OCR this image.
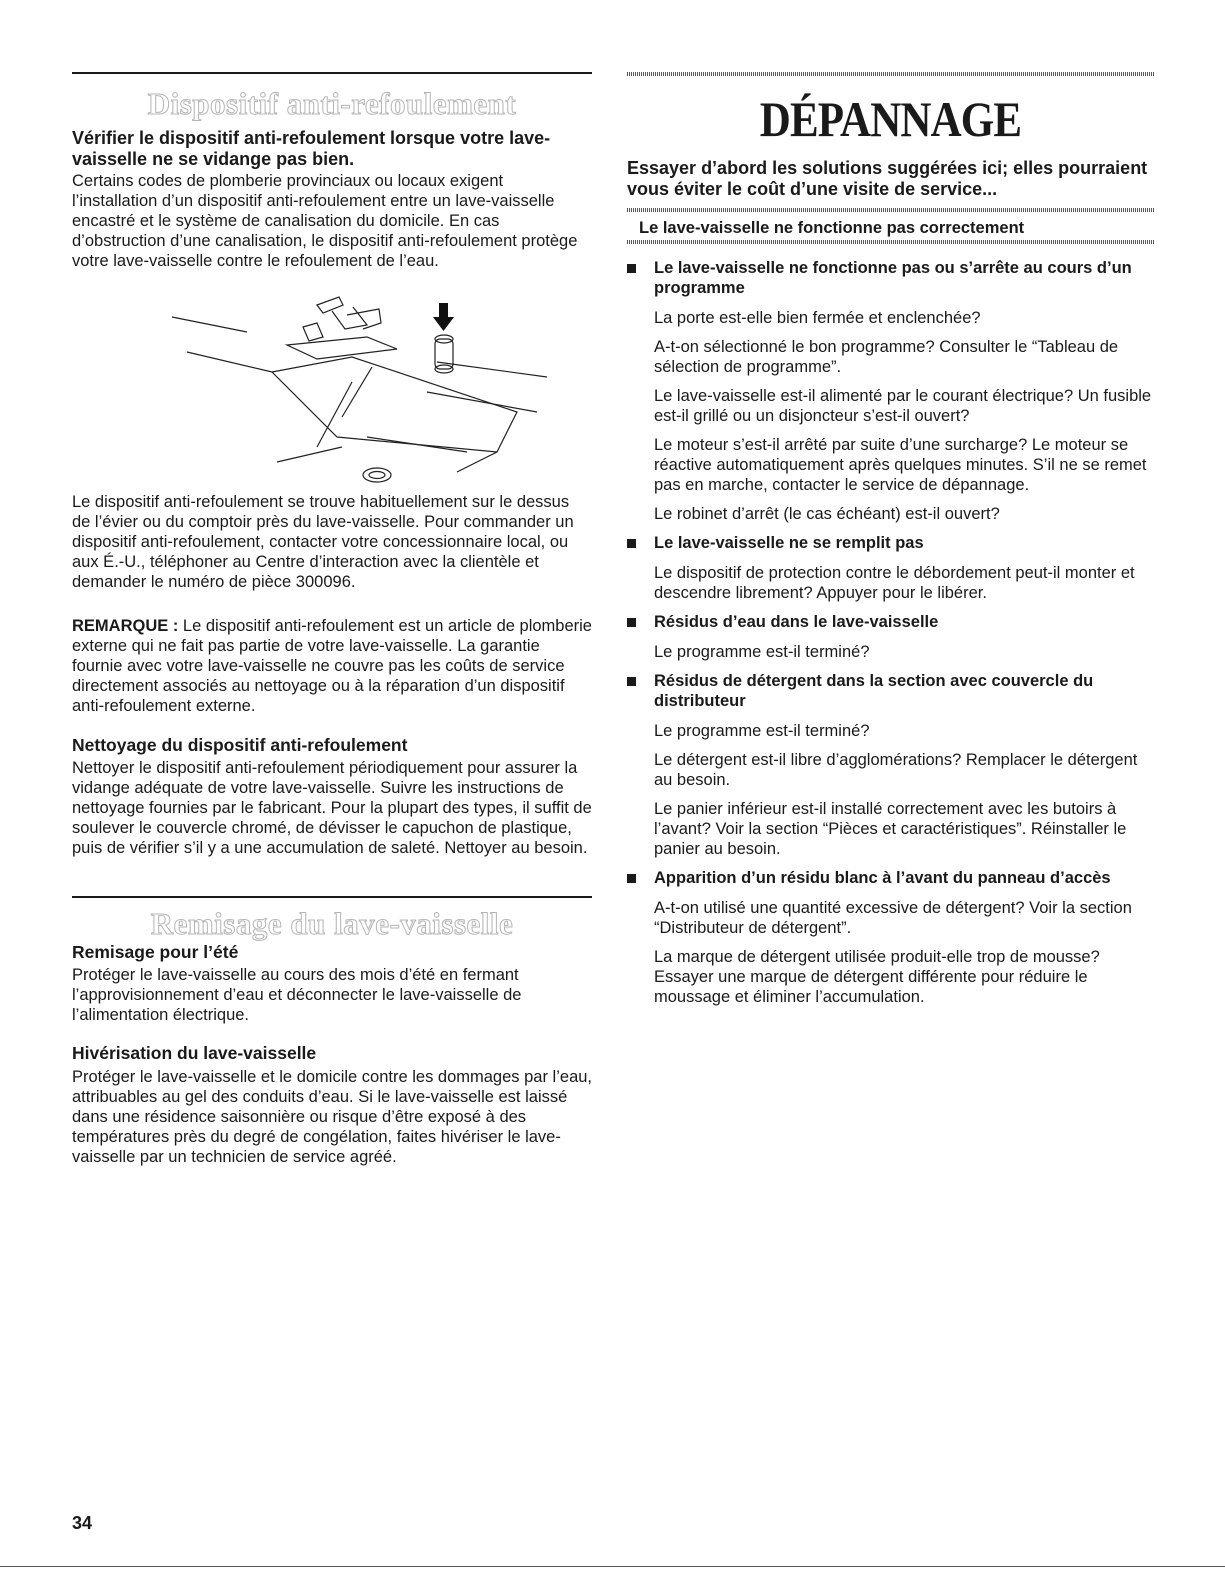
Dispositif anti-refoulement

Vérifier le dispositif anti-refoulement lorsque votre lave-

vaisselle ne se vidange pas bien.

Certains codes de plomberie provinciaux ou locaux exigent l’installation d’un dispositif anti-refoulement entre un lave-vaisselle encastré et le système de canalisation du domicile. En cas d’obstruction d’une canalisation, le dispositif anti-refoulement protège votre lave-vaisselle contre le refoulement de l’eau.

Le dispositif anti-refoulement se trouve habituellement sur le dessus de l’évier ou du comptoir près du lave-vaisselle. Pour commander un dispositif anti-refoulement, contacter votre concessionnaire local, ou aux É.-U., téléphoner au Centre d’interaction avec la clientèle et demander le numéro de pièce 300096.

REMARQUE : Le dispositif anti-refoulement est un article de plomberie externe qui ne fait pas partie de votre lave-vaisselle. La garantie fournie avec votre lave-vaisselle ne couvre pas les coûts de service directement associés au nettoyage ou à la réparation d’un dispositif anti-refoulement externe.

Nettoyage du dispositif anti-refoulement

Nettoyer le dispositif anti-refoulement périodiquement pour assurer la vidange adéquate de votre lave-vaisselle. Suivre les instructions de nettoyage fournies par le fabricant. Pour la plupart des types, il suffit de soulever le couvercle chromé, de dévisser le capuchon de plastique, puis de vérifier s’il y a une accumulation de saleté. Nettoyer au besoin.

Remisage du lave-vaisselle

Remisage pour l’été

Protéger le lave-vaisselle au cours des mois d’été en fermant l’approvisionnement d’eau et déconnecter le lave-vaisselle de l’alimentation électrique.

Hivérisation du lave-vaisselle

Protéger le lave-vaisselle et le domicile contre les dommages par l’eau, attribuables au gel des conduits d’eau. Si le lave-vaisselle est laissé dans une résidence saisonnière ou risque d’être exposé à des températures près du degré de congélation, faites hivériser le lave-vaisselle par un technicien de service agréé.

DÉPANNAGE

Essayer d’abord les solutions suggérées ici; elles pourraient vous éviter le coût d’une visite de service...

Le lave-vaisselle ne fonctionne pas correctement

Le lave-vaisselle ne fonctionne pas ou s’arrête au cours d’un programme

La porte est-elle bien fermée et enclenchée?

A-t-on sélectionné le bon programme? Consulter le “Tableau de sélection de programme”.

Le lave-vaisselle est-il alimenté par le courant électrique? Un fusible est-il grillé ou un disjoncteur s’est-il ouvert?

Le moteur s’est-il arrêté par suite d’une surcharge? Le moteur se réactive automatiquement après quelques minutes. S’il ne se remet pas en marche, contacter le service de dépannage.

Le robinet d’arrêt (le cas échéant) est-il ouvert?

Le lave-vaisselle ne se remplit pas

Le dispositif de protection contre le débordement peut-il monter et descendre librement? Appuyer pour le libérer.

Résidus d’eau dans le lave-vaisselle

Le programme est-il terminé?

Résidus de détergent dans la section avec couvercle du distributeur

Le programme est-il terminé?

Le détergent est-il libre d’agglomérations? Remplacer le détergent au besoin.

Le panier inférieur est-il installé correctement avec les butoirs à l’avant? Voir la section “Pièces et caractéristiques”. Réinstaller le panier au besoin.

Apparition d’un résidu blanc à l’avant du panneau d’accès

A-t-on utilisé une quantité excessive de détergent? Voir la section “Distributeur de détergent”.

La marque de détergent utilisée produit-elle trop de mousse? Essayer une marque de détergent différente pour réduire le moussage et éliminer l’accumulation.

34
